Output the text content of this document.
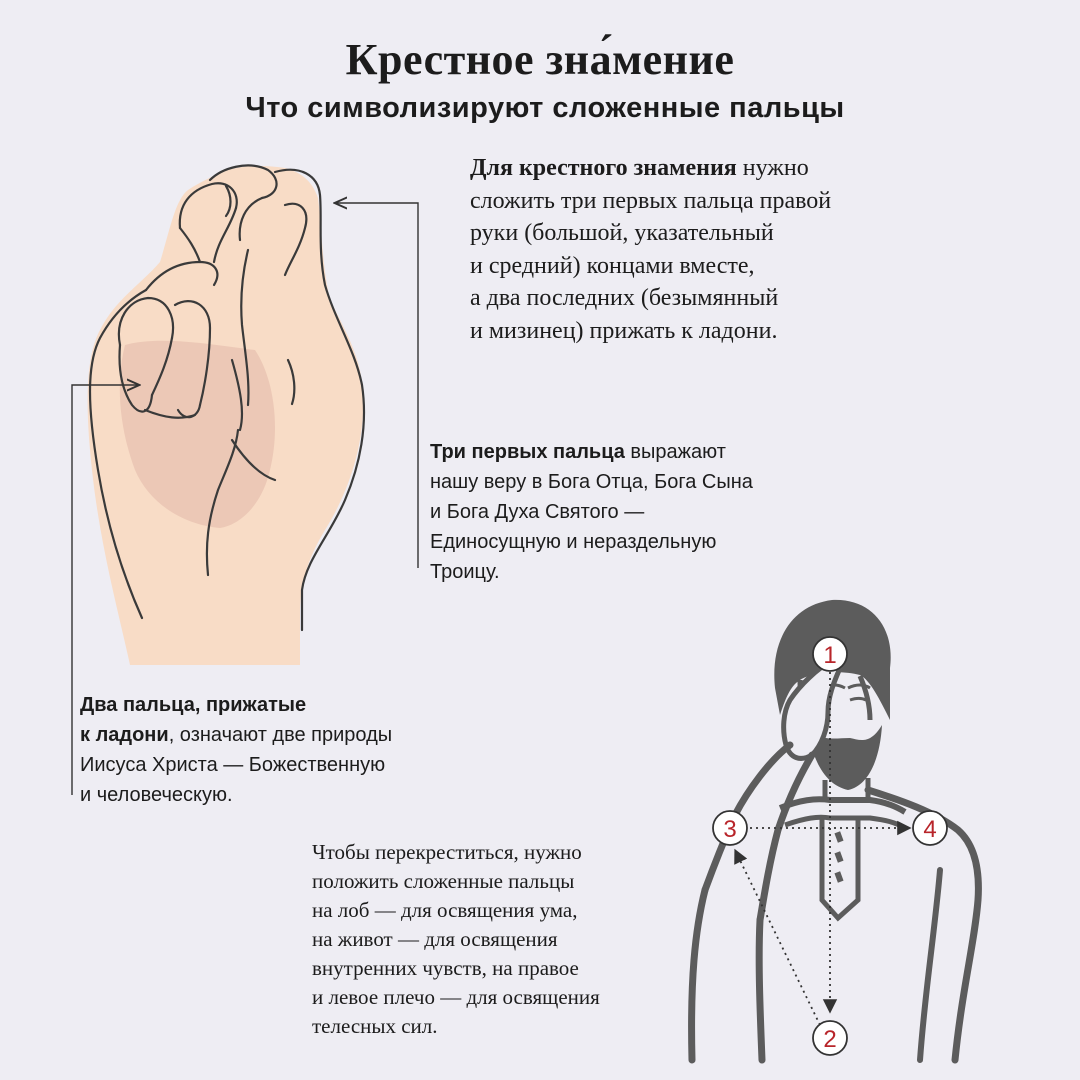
Крестное зна́мение
Что символизируют сложенные пальцы
1
2
3	4
Для крестного знамения нужно
сложить три первых пальца правой
руки (большой, указательный
и средний) концами вместе,
а два последних (безымянный
и мизинец) прижать к ладони.
Три первых пальца выражают
нашу веру в Бога Отца, Бога Сына
и Бога Духа Святого —
Единосущную и нераздельную
Троицу.
Два пальца, прижатые
к ладони, означают две природы
Иисуса Христа — Божественную
и человеческую.
Чтобы перекреститься, нужно
положить сложенные пальцы
на лоб — для освящения ума,
на живот — для освящения
внутренних чувств, на правое
и левое плечо — для освящения
телесных сил.
